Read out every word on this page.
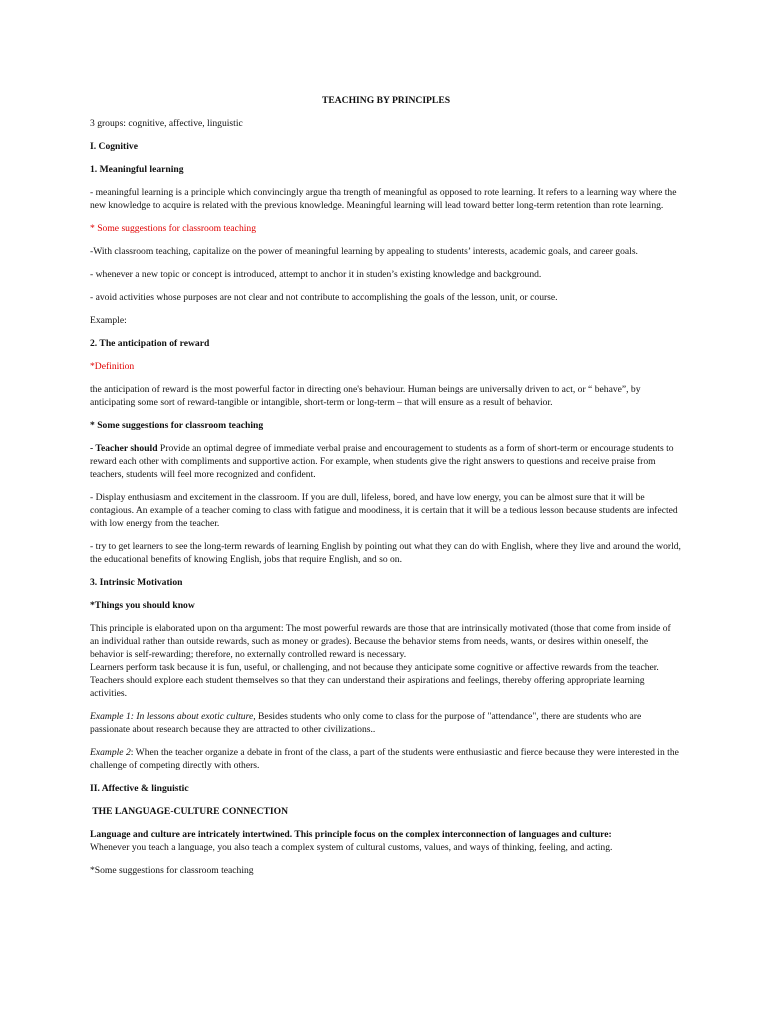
TEACHING BY PRINCIPLES

3 groups: cognitive, affective, linguistic

I. Cognitive

1. Meaningful learning

- meaningful learning is a principle which convincingly argue tha trength of meaningful as opposed to rote learning. It refers to a learning way where the new knowledge to acquire is related with the previous knowledge. Meaningful learning will lead toward better long-term retention than rote learning.

* Some suggestions for classroom teaching

-With classroom teaching, capitalize on the power of meaningful learning by appealing to students’ interests, academic goals, and career goals.

- whenever a new topic or concept is introduced, attempt to anchor it in studen’s existing knowledge and background.

- avoid activities whose purposes are not clear and not contribute to accomplishing the goals of the lesson, unit, or course.

Example:

2. The anticipation of reward

*Definition

the anticipation of reward is the most powerful factor in directing one's behaviour. Human beings are universally driven to act, or “ behave”, by anticipating some sort of reward-tangible or intangible, short-term or long-term – that will ensure as a result of behavior.

* Some suggestions for classroom teaching

- Teacher should Provide an optimal degree of immediate verbal praise and encouragement to students as a form of short-term or encourage students to reward each other with compliments and supportive action. For example, when students give the right answers to questions and receive praise from teachers, students will feel more recognized and confident.

- Display enthusiasm and excitement in the classroom. If you are dull, lifeless, bored, and have low energy, you can be almost sure that it will be contagious. An example of a teacher coming to class with fatigue and moodiness, it is certain that it will be a tedious lesson because students are infected with low energy from the teacher.

- try to get learners to see the long-term rewards of learning English by pointing out what they can do with English, where they live and around the world, the educational benefits of knowing English, jobs that require English, and so on.

3. Intrinsic Motivation

*Things you should know

This principle is elaborated upon on tha argument: The most powerful rewards are those that are intrinsically motivated (those that come from inside of an individual rather than outside rewards, such as money or grades). Because the behavior stems from needs, wants, or desires within oneself, the behavior is self-rewarding; therefore, no externally controlled reward is necessary.

Learners perform task because it is fun, useful, or challenging, and not because they anticipate some cognitive or affective rewards from the teacher. Teachers should explore each student themselves so that they can understand their aspirations and feelings, thereby offering appropriate learning activities.

Example 1: In lessons about exotic culture, Besides students who only come to class for the purpose of "attendance", there are students who are passionate about research because they are attracted to other civilizations..

Example 2: When the teacher organize a debate in front of the class, a part of the students were enthusiastic and fierce because they were interested in the challenge of competing directly with others.

II. Affective & linguistic

THE LANGUAGE-CULTURE CONNECTION

Language and culture are intricately intertwined. This principle focus on the complex interconnection of languages and culture:
Whenever you teach a language, you also teach a complex system of cultural customs, values, and ways of thinking, feeling, and acting.

*Some suggestions for classroom teaching
